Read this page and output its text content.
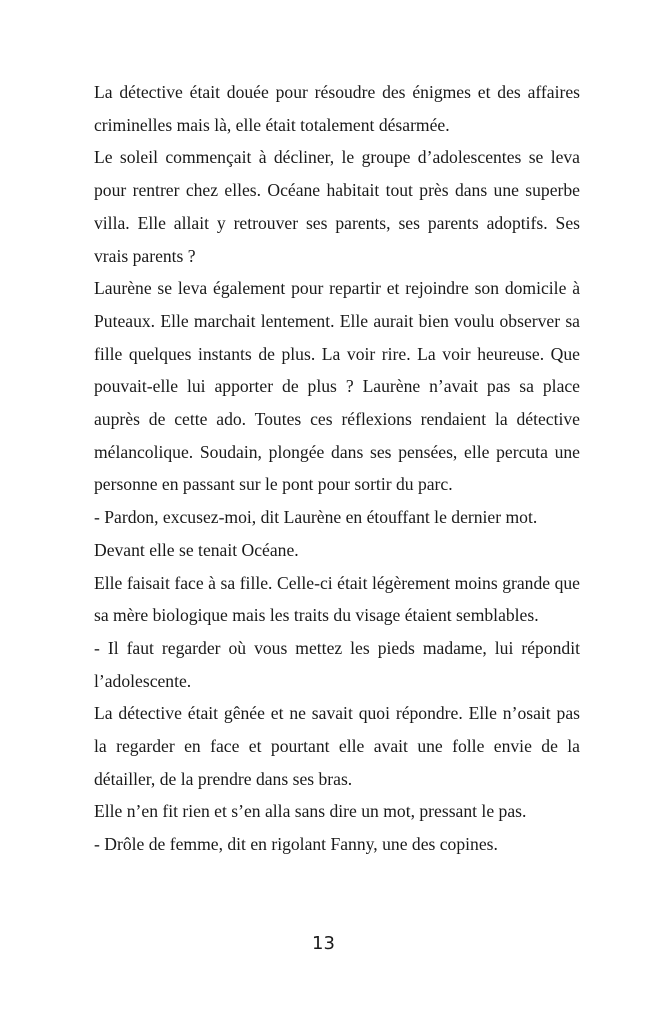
La détective était douée pour résoudre des énigmes et des affaires criminelles mais là, elle était totalement désarmée.

Le soleil commençait à décliner, le groupe d’adolescentes se leva pour rentrer chez elles. Océane habitait tout près dans une superbe villa. Elle allait y retrouver ses parents, ses parents adoptifs. Ses vrais parents ?

Laurène se leva également pour repartir et rejoindre son domicile à Puteaux. Elle marchait lentement. Elle aurait bien voulu observer sa fille quelques instants de plus. La voir rire. La voir heureuse. Que pouvait-elle lui apporter de plus ? Laurène n’avait pas sa place auprès de cette ado. Toutes ces réflexions rendaient la détective mélancolique. Soudain, plongée dans ses pensées, elle percuta une personne en passant sur le pont pour sortir du parc.

- Pardon, excusez-moi, dit Laurène en étouffant le dernier mot.

Devant elle se tenait Océane.

Elle faisait face à sa fille. Celle-ci était légèrement moins grande que sa mère biologique mais les traits du visage étaient semblables.

- Il faut regarder où vous mettez les pieds madame, lui répondit l’adolescente.

La détective était gênée et ne savait quoi répondre. Elle n’osait pas la regarder en face et pourtant elle avait une folle envie de la détailler, de la prendre dans ses bras.

Elle n’en fit rien et s’en alla sans dire un mot, pressant le pas.

- Drôle de femme, dit en rigolant Fanny, une des copines.

13
